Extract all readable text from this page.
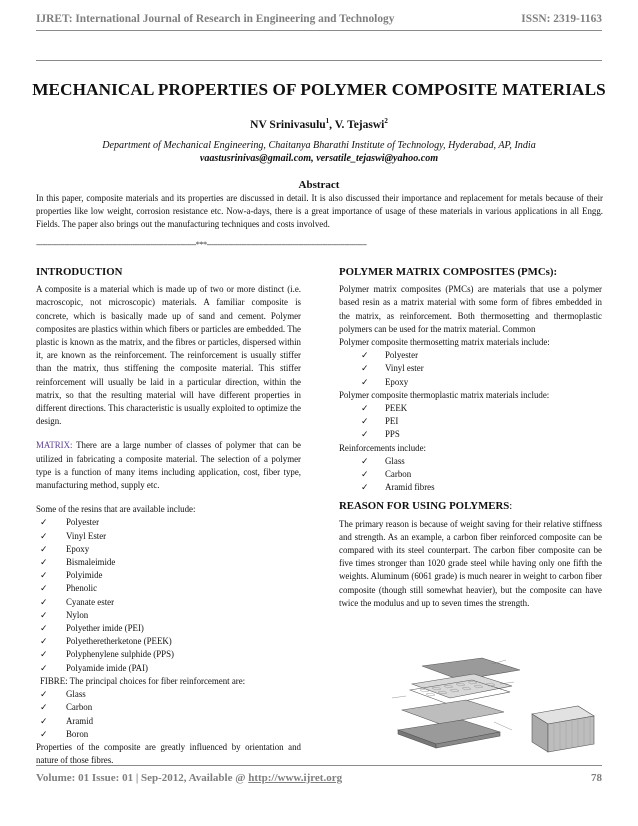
IJRET: International Journal of Research in Engineering and Technology	ISSN: 2319-1163
MECHANICAL PROPERTIES OF POLYMER COMPOSITE MATERIALS
NV Srinivasulu$^1$, V. Tejaswi$^2$
Department of Mechanical Engineering, Chaitanya Bharathi Institute of Technology, Hyderabad, AP, India
vaastusrinivas@gmail.com, versatile_tejaswi@yahoo.com
Abstract
In this paper, composite materials and its properties are discussed in detail. It is also discussed their importance and replacement for metals because of their properties like low weight, corrosion resistance etc. Now-a-days, there is a great importance of usage of these materials in various applications in all Engg. Fields. The paper also brings out the manufacturing techniques and costs involved.
-------------------------------------------------------------------------***-------------------------------------------------------------------------
INTRODUCTION

A composite is a material which is made up of two or more distinct (i.e. macroscopic, not microscopic) materials. A familiar composite is concrete, which is basically made up of sand and cement. Polymer composites are plastics within which fibers or particles are embedded. The plastic is known as the matrix, and the fibres or particles, dispersed within it, are known as the reinforcement. The reinforcement is usually stiffer than the matrix, thus stiffening the composite material. This stiffer reinforcement will usually be laid in a particular direction, within the matrix, so that the resulting material will have different properties in different directions. This characteristic is usually exploited to optimize the design.

MATRIX: There are a large number of classes of polymer that can be utilized in fabricating a composite material. The selection of a polymer type is a function of many items including application, cost, fiber type, manufacturing method, supply etc.

Some of the resins that are available include:

✓ Polyester
✓ Vinyl Ester
✓ Epoxy
✓ Bismaleimide
✓ Polyimide
✓ Phenolic
✓ Cyanate ester
✓ Nylon
✓ Polyether imide (PEI)
✓ Polyetheretherketone (PEEK)
✓ Polyphenylene sulphide (PPS)
✓ Polyamide imide (PAI)

FIBRE: The principal choices for fiber reinforcement are:

✓ Glass
✓ Carbon
✓ Aramid
✓ Boron

Properties of the composite are greatly influenced by orientation and nature of those fibres.

POLYMER MATRIX COMPOSITES (PMCs):

Polymer matrix composites (PMCs) are materials that use a polymer based resin as a matrix material with some form of fibres embedded in the matrix, as reinforcement. Both thermosetting and thermoplastic polymers can be used for the matrix material. Common

Polymer composite thermosetting matrix materials include:

✓ Polyester
✓ Vinyl ester
✓ Epoxy

Polymer composite thermoplastic matrix materials include:

✓ PEEK
✓ PEI
✓ PPS

Reinforcements include:

✓ Glass
✓ Carbon
✓ Aramid fibres
REASON FOR USING POLYMERS:

The primary reason is because of weight saving for their relative stiffness and strength. As an example, a carbon fiber reinforced composite can be compared with its steel counterpart. The carbon fiber composite can be five times stronger than 1020 grade steel while having only one fifth the weights. Aluminum (6061 grade) is much nearer in weight to carbon fiber composite (though still somewhat heavier), but the composite can have twice the modulus and up to seven times the strength.

Volume: 01 Issue: 01 | Sep-2012, Available @ http://www.ijret.org	78
